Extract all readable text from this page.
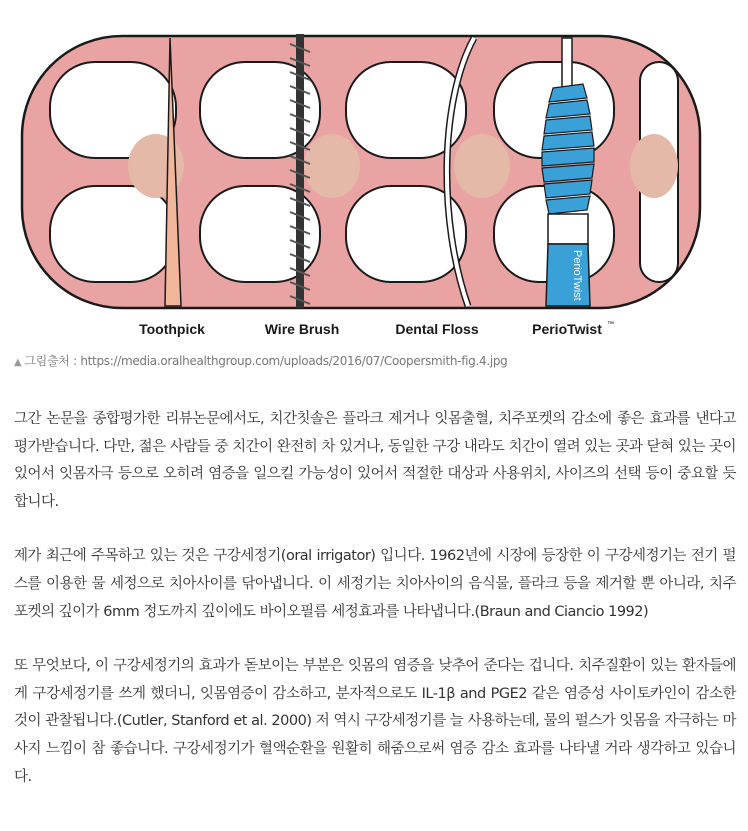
PerioTwist
Toothpick	Wire Brush	Dental Floss	PerioTwist ™
▲ 그림출처 : https://media.oralhealthgroup.com/uploads/2016/07/Coopersmith-fig.4.jpg

그간 논문을 종합평가한 리뷰논문에서도, 치간칫솔은 플라크 제거나 잇몸출혈, 치주포켓의 감소에 좋은 효과를 낸다고 평가받습니다. 다만, 젊은 사람들 중 치간이 완전히 차 있거나, 동일한 구강 내라도 치간이 열려 있는 곳과 닫혀 있는 곳이 있어서 잇몸자극 등으로 오히려 염증을 일으킬 가능성이 있어서 적절한 대상과 사용위치, 사이즈의 선택 등이 중요할 듯합니다.

제가 최근에 주목하고 있는 것은 구강세정기(oral irrigator) 입니다. 1962년에 시장에 등장한 이 구강세정기는 전기 펄스를 이용한 물 세정으로 치아사이를 닦아냅니다. 이 세정기는 치아사이의 음식물, 플라크 등을 제거할 뿐 아니라, 치주포켓의 깊이가 6mm 정도까지 깊이에도 바이오필름 세정효과를 나타냅니다.(Braun and Ciancio 1992)

또 무엇보다, 이 구강세정기의 효과가 돋보이는 부분은 잇몸의 염증을 낮추어 준다는 겁니다. 치주질환이 있는 환자들에게 구강세정기를 쓰게 했더니, 잇몸염증이 감소하고, 분자적으로도 IL-1β and PGE2 같은 염증성 사이토카인이 감소한 것이 관찰됩니다.(Cutler, Stanford et al. 2000) 저 역시 구강세정기를 늘 사용하는데, 물의 펄스가 잇몸을 자극하는 마사지 느낌이 참 좋습니다. 구강세정기가 혈액순환을 원활히 해줌으로써 염증 감소 효과를 나타낼 거라 생각하고 있습니다.
